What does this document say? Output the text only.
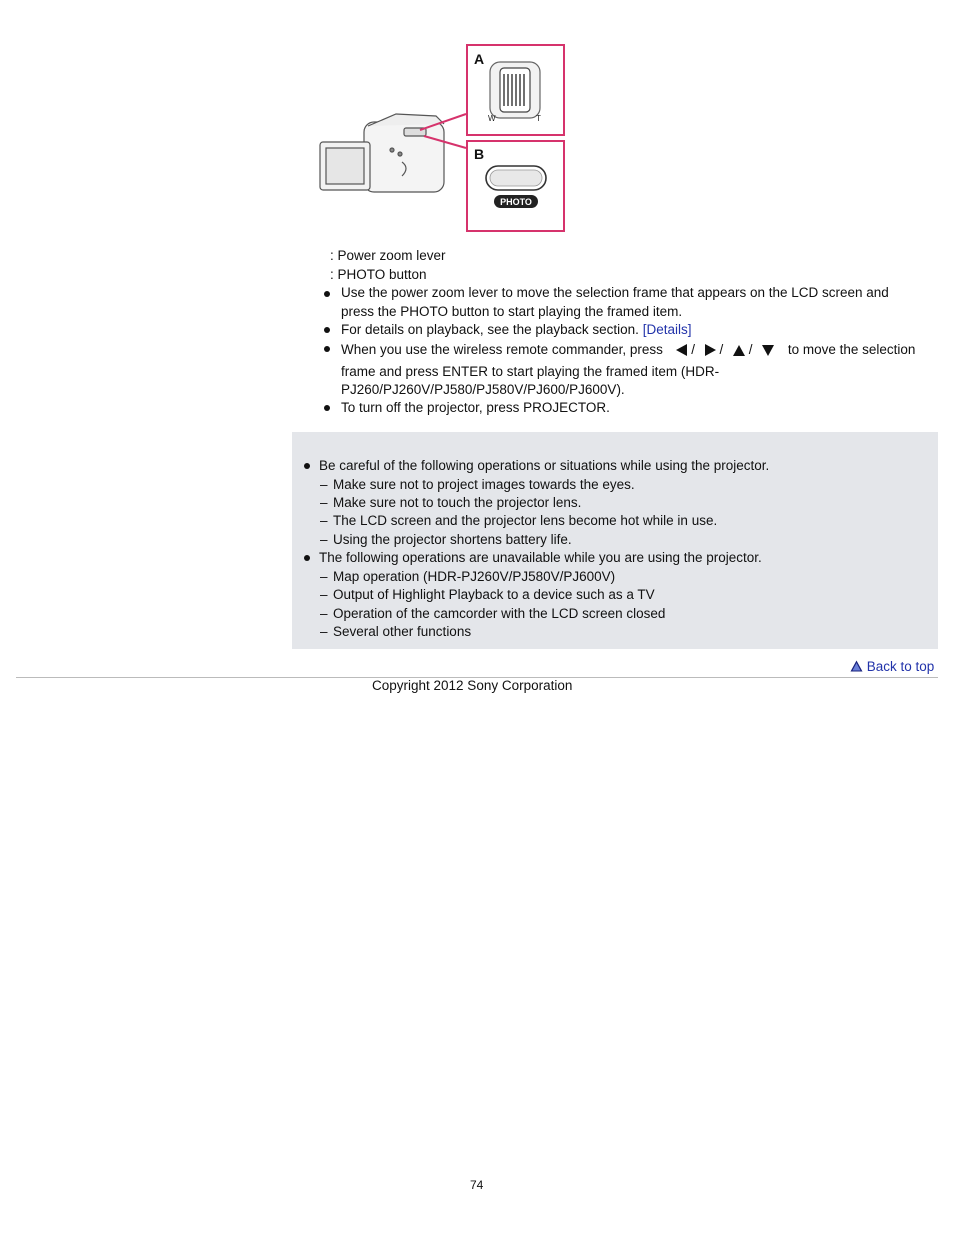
A
W	T
B
PHOTO
: Power zoom lever
: PHOTO button
Use the power zoom lever to move the selection frame that appears on the LCD screen and
press the PHOTO button to start playing the framed item.
For details on playback, see the playback section. [Details]
When you use the wireless remote commander, press / / /	to move the selection
frame and press ENTER to start playing the framed item (HDR-
PJ260/PJ260V/PJ580/PJ580V/PJ600/PJ600V).
To turn off the projector, press PROJECTOR.
Be careful of the following operations or situations while using the projector.
– Make sure not to project images towards the eyes.
– Make sure not to touch the projector lens.
– The LCD screen and the projector lens become hot while in use.
– Using the projector shortens battery life.
The following operations are unavailable while you are using the projector.
– Map operation (HDR-PJ260V/PJ580V/PJ600V)
– Output of Highlight Playback to a device such as a TV
– Operation of the camcorder with the LCD screen closed
– Several other functions
Back to top
Copyright 2012 Sony Corporation
74
